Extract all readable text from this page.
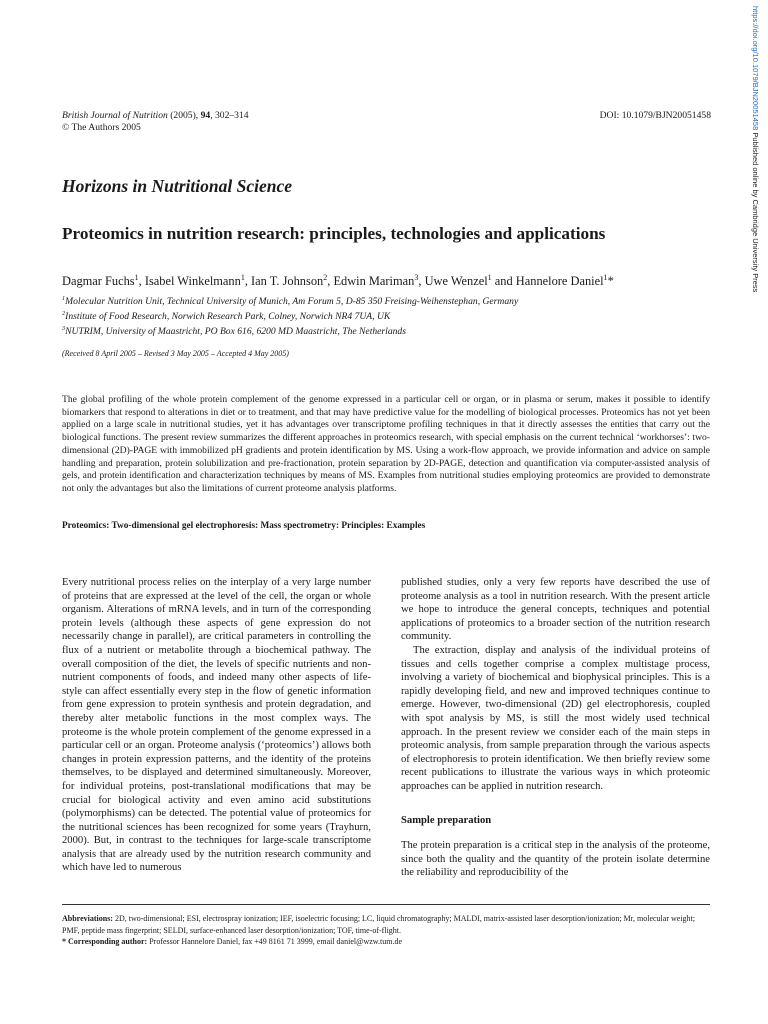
https://doi.org/10.1079/BJN20051458 Published online by Cambridge University Press
British Journal of Nutrition (2005), 94, 302–314
© The Authors 2005
DOI: 10.1079/BJN20051458
Horizons in Nutritional Science
Proteomics in nutrition research: principles, technologies and applications
Dagmar Fuchs$^1$, Isabel Winkelmann$^1$, Ian T. Johnson$^2$, Edwin Mariman$^3$, Uwe Wenzel$^1$ and Hannelore Daniel$^1$*
$^1$Molecular Nutrition Unit, Technical University of Munich, Am Forum 5, D-85 350 Freising-Weihenstephan, Germany
$^2$Institute of Food Research, Norwich Research Park, Colney, Norwich NR4 7UA, UK
$^3$NUTRIM, University of Maastricht, PO Box 616, 6200 MD Maastricht, The Netherlands
(Received 8 April 2005 – Revised 3 May 2005 – Accepted 4 May 2005)
The global profiling of the whole protein complement of the genome expressed in a particular cell or organ, or in plasma or serum, makes it possible to identify biomarkers that respond to alterations in diet or to treatment, and that may have predictive value for the modelling of biological processes. Proteomics has not yet been applied on a large scale in nutritional studies, yet it has advantages over transcriptome profiling techniques in that it directly assesses the entities that carry out the biological functions. The present review summarizes the different approaches in proteomics research, with special emphasis on the current technical ‘workhorses’: two-dimensional (2D)-PAGE with immobilized pH gradients and protein identification by MS. Using a work-flow approach, we provide information and advice on sample handling and preparation, protein solubilization and pre-fractionation, protein separation by 2D-PAGE, detection and quantification via computer-assisted analysis of gels, and protein identification and characterization techniques by means of MS. Examples from nutritional studies employing proteomics are provided to demonstrate not only the advantages but also the limitations of current proteome analysis platforms.
Proteomics: Two-dimensional gel electrophoresis: Mass spectrometry: Principles: Examples

Every nutritional process relies on the interplay of a very large number of proteins that are expressed at the level of the cell, the organ or whole organism. Alterations of mRNA levels, and in turn of the corresponding protein levels (although these aspects of gene expression do not necessarily change in parallel), are critical parameters in controlling the flux of a nutrient or metabolite through a biochemical pathway. The overall composition of the diet, the levels of specific nutrients and non-nutrient components of foods, and indeed many other aspects of life-style can affect essentially every step in the flow of genetic information from gene expression to protein synthesis and protein degradation, and thereby alter metabolic functions in the most complex ways. The proteome is the whole protein complement of the genome expressed in a particular cell or an organ. Proteome analysis (‘proteomics’) allows both changes in protein expression patterns, and the identity of the proteins themselves, to be displayed and determined simultaneously. Moreover, for individual proteins, post-translational modifications that may be crucial for biological activity and even amino acid substitutions (polymorphisms) can be detected. The potential value of proteomics for the nutritional sciences has been recognized for some years (Trayhurn, 2000). But, in contrast to the techniques for large-scale transcriptome analysis that are already used by the nutrition research community and which have led to numerous

published studies, only a very few reports have described the use of proteome analysis as a tool in nutrition research. With the present article we hope to introduce the general concepts, techniques and potential applications of proteomics to a broader section of the nutrition research community.

The extraction, display and analysis of the individual proteins of tissues and cells together comprise a complex multistage process, involving a variety of biochemical and biophysical principles. This is a rapidly developing field, and new and improved techniques continue to emerge. However, two-dimensional (2D) gel electrophoresis, coupled with spot analysis by MS, is still the most widely used technical approach. In the present review we consider each of the main steps in proteomic analysis, from sample preparation through the various aspects of electrophoresis to protein identification. We then briefly review some recent publications to illustrate the various ways in which proteomic approaches can be applied in nutrition research.

Sample preparation

The protein preparation is a critical step in the analysis of the proteome, since both the quality and the quantity of the protein isolate determine the reliability and reproducibility of the

Abbreviations: 2D, two-dimensional; ESI, electrospray ionization; IEF, isoelectric focusing; LC, liquid chromatography; MALDI, matrix-assisted laser desorption/ionization; Mr, molecular weight; PMF, peptide mass fingerprint; SELDI, surface-enhanced laser desorption/ionization; TOF, time-of-flight.

* Corresponding author: Professor Hannelore Daniel, fax +49 8161 71 3999, email daniel@wzw.tum.de
